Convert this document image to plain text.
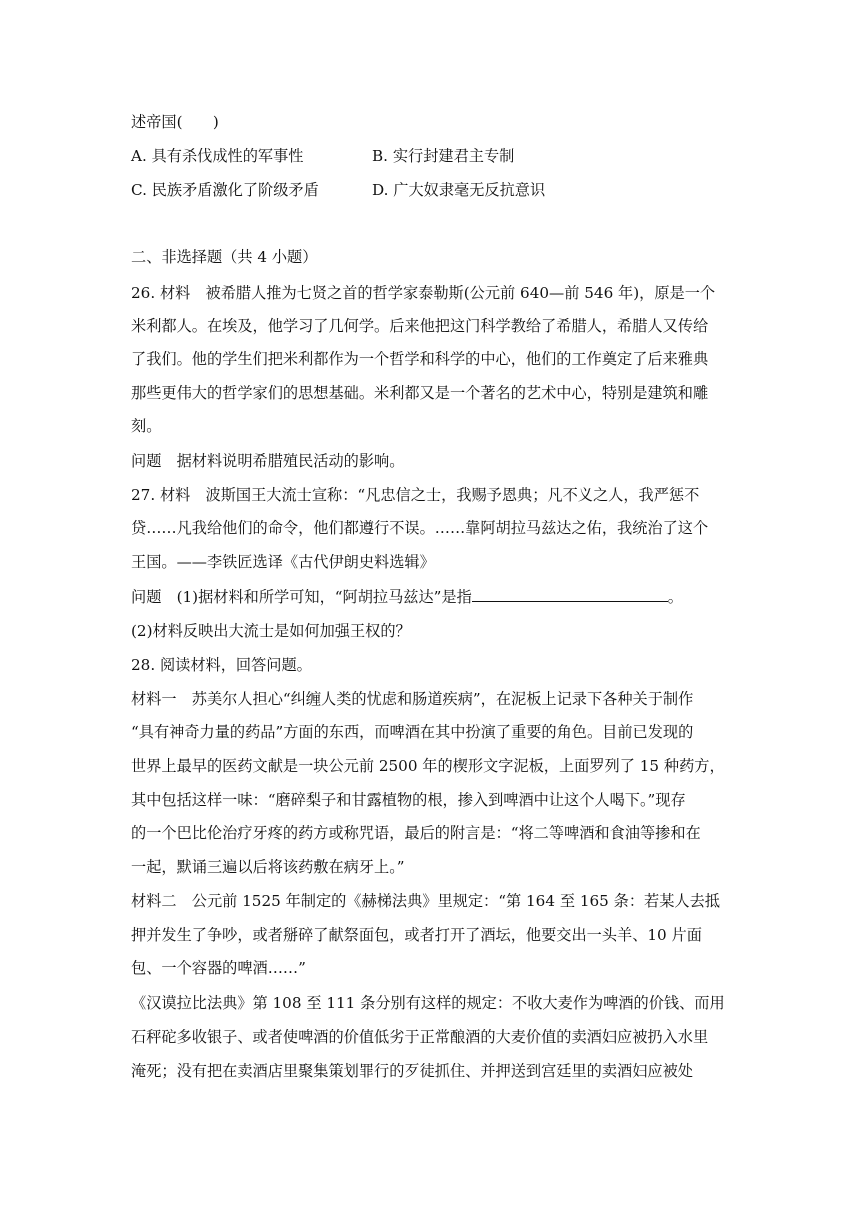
述帝国(　　)
A. 具有杀伐成性的军事性	B. 实行封建君主专制
C. 民族矛盾激化了阶级矛盾	D. 广大奴隶毫无反抗意识
二、非选择题（共 4 小题）
26. 材料　被希腊人推为七贤之首的哲学家泰勒斯(公元前 640—前 546 年)，原是一个
米利都人。在埃及，他学习了几何学。后来他把这门科学教给了希腊人，希腊人又传给
了我们。他的学生们把米利都作为一个哲学和科学的中心，他们的工作奠定了后来雅典
那些更伟大的哲学家们的思想基础。米利都又是一个著名的艺术中心，特别是建筑和雕
刻。
问题　据材料说明希腊殖民活动的影响。
27. 材料　波斯国王大流士宣称：“凡忠信之士，我赐予恩典；凡不义之人，我严惩不
贷……凡我给他们的命令，他们都遵行不误。……靠阿胡拉马兹达之佑，我统治了这个
王国。——李铁匠选译《古代伊朗史料选辑》
问题　(1)据材料和所学可知，“阿胡拉马兹达”是指	。
(2)材料反映出大流士是如何加强王权的？
28. 阅读材料，回答问题。
材料一　苏美尔人担心“纠缠人类的忧虑和肠道疾病”，在泥板上记录下各种关于制作
“具有神奇力量的药品”方面的东西，而啤酒在其中扮演了重要的角色。目前已发现的
世界上最早的医药文献是一块公元前 2500 年的楔形文字泥板，上面罗列了 15 种药方，
其中包括这样一味：“磨碎梨子和甘露植物的根，掺入到啤酒中让这个人喝下。”现存
的一个巴比伦治疗牙疼的药方或称咒语，最后的附言是：“将二等啤酒和食油等掺和在
一起，默诵三遍以后将该药敷在病牙上。”
材料二　公元前 1525 年制定的《赫梯法典》里规定：“第 164 至 165 条：若某人去抵
押并发生了争吵，或者掰碎了献祭面包，或者打开了酒坛，他要交出一头羊、10 片面
包、一个容器的啤酒……”
《汉谟拉比法典》第 108 至 111 条分别有这样的规定：不收大麦作为啤酒的价钱、而用
石秤砣多收银子、或者使啤酒的价值低劣于正常酿酒的大麦价值的卖酒妇应被扔入水里
淹死；没有把在卖酒店里聚集策划罪行的歹徒抓住、并押送到宫廷里的卖酒妇应被处
